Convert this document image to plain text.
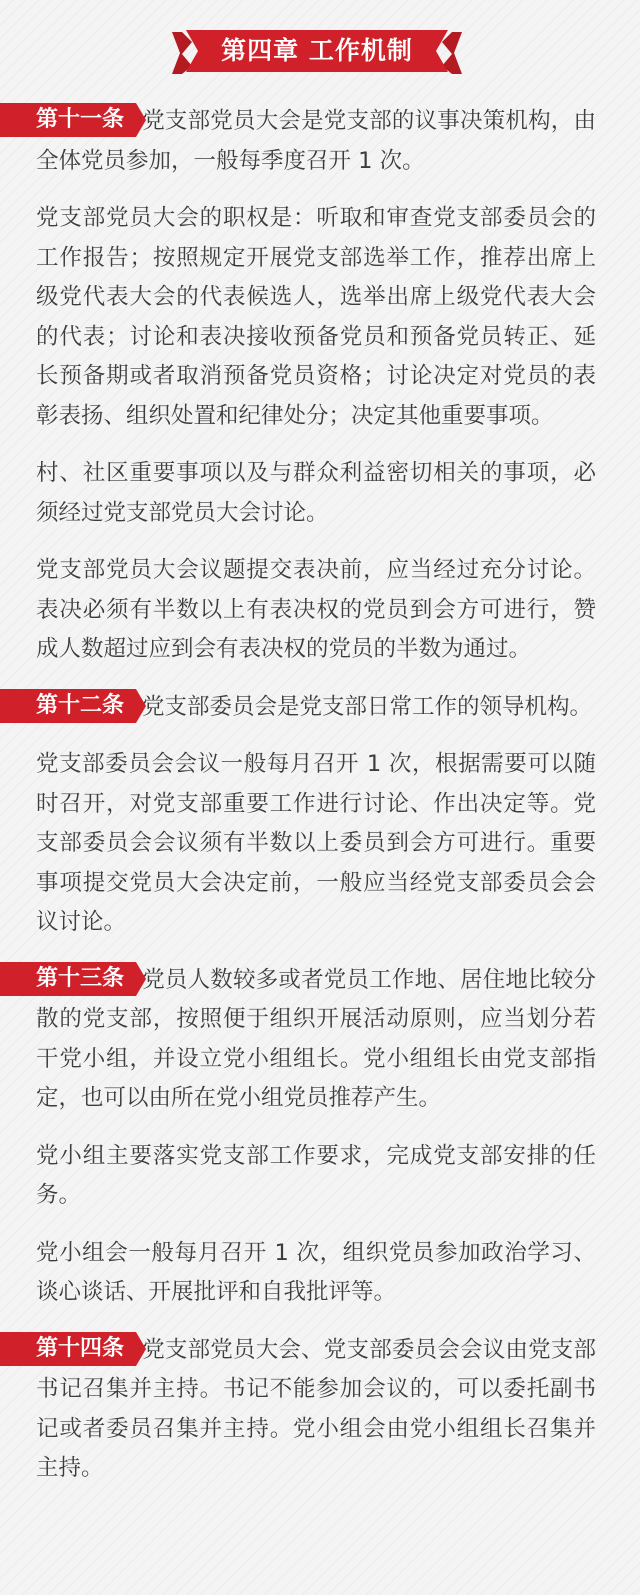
第四章 工作机制

第十一条 党支部党员大会是党支部的议事决策机构，由全体党员参加，一般每季度召开 1 次。

党支部党员大会的职权是：听取和审查党支部委员会的工作报告；按照规定开展党支部选举工作，推荐出席上级党代表大会的代表候选人，选举出席上级党代表大会的代表；讨论和表决接收预备党员和预备党员转正、延长预备期或者取消预备党员资格；讨论决定对党员的表彰表扬、组织处置和纪律处分；决定其他重要事项。

村、社区重要事项以及与群众利益密切相关的事项，必须经过党支部党员大会讨论。

党支部党员大会议题提交表决前，应当经过充分讨论。表决必须有半数以上有表决权的党员到会方可进行，赞成人数超过应到会有表决权的党员的半数为通过。

第十二条 党支部委员会是党支部日常工作的领导机构。

党支部委员会会议一般每月召开 1 次，根据需要可以随时召开，对党支部重要工作进行讨论、作出决定等。党支部委员会会议须有半数以上委员到会方可进行。重要事项提交党员大会决定前，一般应当经党支部委员会会议讨论。

第十三条 党员人数较多或者党员工作地、居住地比较分散的党支部，按照便于组织开展活动原则，应当划分若干党小组，并设立党小组组长。党小组组长由党支部指定，也可以由所在党小组党员推荐产生。

党小组主要落实党支部工作要求，完成党支部安排的任务。

党小组会一般每月召开 1 次，组织党员参加政治学习、谈心谈话、开展批评和自我批评等。

第十四条 党支部党员大会、党支部委员会会议由党支部书记召集并主持。书记不能参加会议的，可以委托副书记或者委员召集并主持。党小组会由党小组组长召集并主持。
